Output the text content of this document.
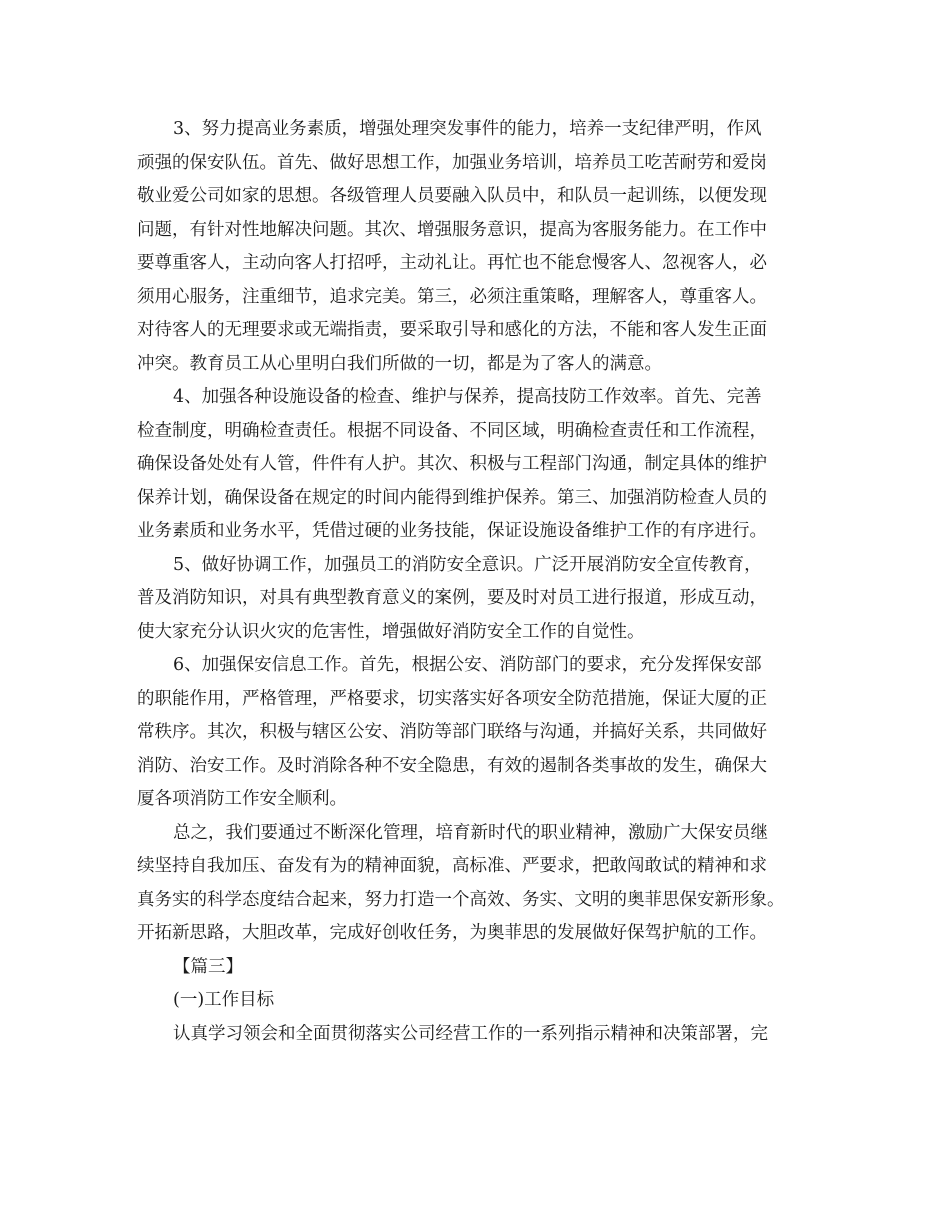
3、努力提高业务素质，增强处理突发事件的能力，培养一支纪律严明，作风
顽强的保安队伍。首先、做好思想工作，加强业务培训，培养员工吃苦耐劳和爱岗
敬业爱公司如家的思想。各级管理人员要融入队员中，和队员一起训练，以便发现
问题，有针对性地解决问题。其次、增强服务意识，提高为客服务能力。在工作中
要尊重客人，主动向客人打招呼，主动礼让。再忙也不能怠慢客人、忽视客人，必
须用心服务，注重细节，追求完美。第三，必须注重策略，理解客人，尊重客人。
对待客人的无理要求或无端指责，要采取引导和感化的方法，不能和客人发生正面
冲突。教育员工从心里明白我们所做的一切，都是为了客人的满意。
4、加强各种设施设备的检查、维护与保养，提高技防工作效率。首先、完善
检查制度，明确检查责任。根据不同设备、不同区域，明确检查责任和工作流程，
确保设备处处有人管，件件有人护。其次、积极与工程部门沟通，制定具体的维护
保养计划，确保设备在规定的时间内能得到维护保养。第三、加强消防检查人员的
业务素质和业务水平，凭借过硬的业务技能，保证设施设备维护工作的有序进行。
5、做好协调工作，加强员工的消防安全意识。广泛开展消防安全宣传教育，
普及消防知识，对具有典型教育意义的案例，要及时对员工进行报道，形成互动，
使大家充分认识火灾的危害性，增强做好消防安全工作的自觉性。
6、加强保安信息工作。首先，根据公安、消防部门的要求，充分发挥保安部
的职能作用，严格管理，严格要求，切实落实好各项安全防范措施，保证大厦的正
常秩序。其次，积极与辖区公安、消防等部门联络与沟通，并搞好关系，共同做好
消防、治安工作。及时消除各种不安全隐患，有效的遏制各类事故的发生，确保大
厦各项消防工作安全顺利。
总之，我们要通过不断深化管理，培育新时代的职业精神，激励广大保安员继
续坚持自我加压、奋发有为的精神面貌，高标准、严要求，把敢闯敢试的精神和求
真务实的科学态度结合起来，努力打造一个高效、务实、文明的奥菲思保安新形象。
开拓新思路，大胆改革，完成好创收任务，为奥菲思的发展做好保驾护航的工作。
【篇三】
(一)工作目标
认真学习领会和全面贯彻落实公司经营工作的一系列指示精神和决策部署，完
